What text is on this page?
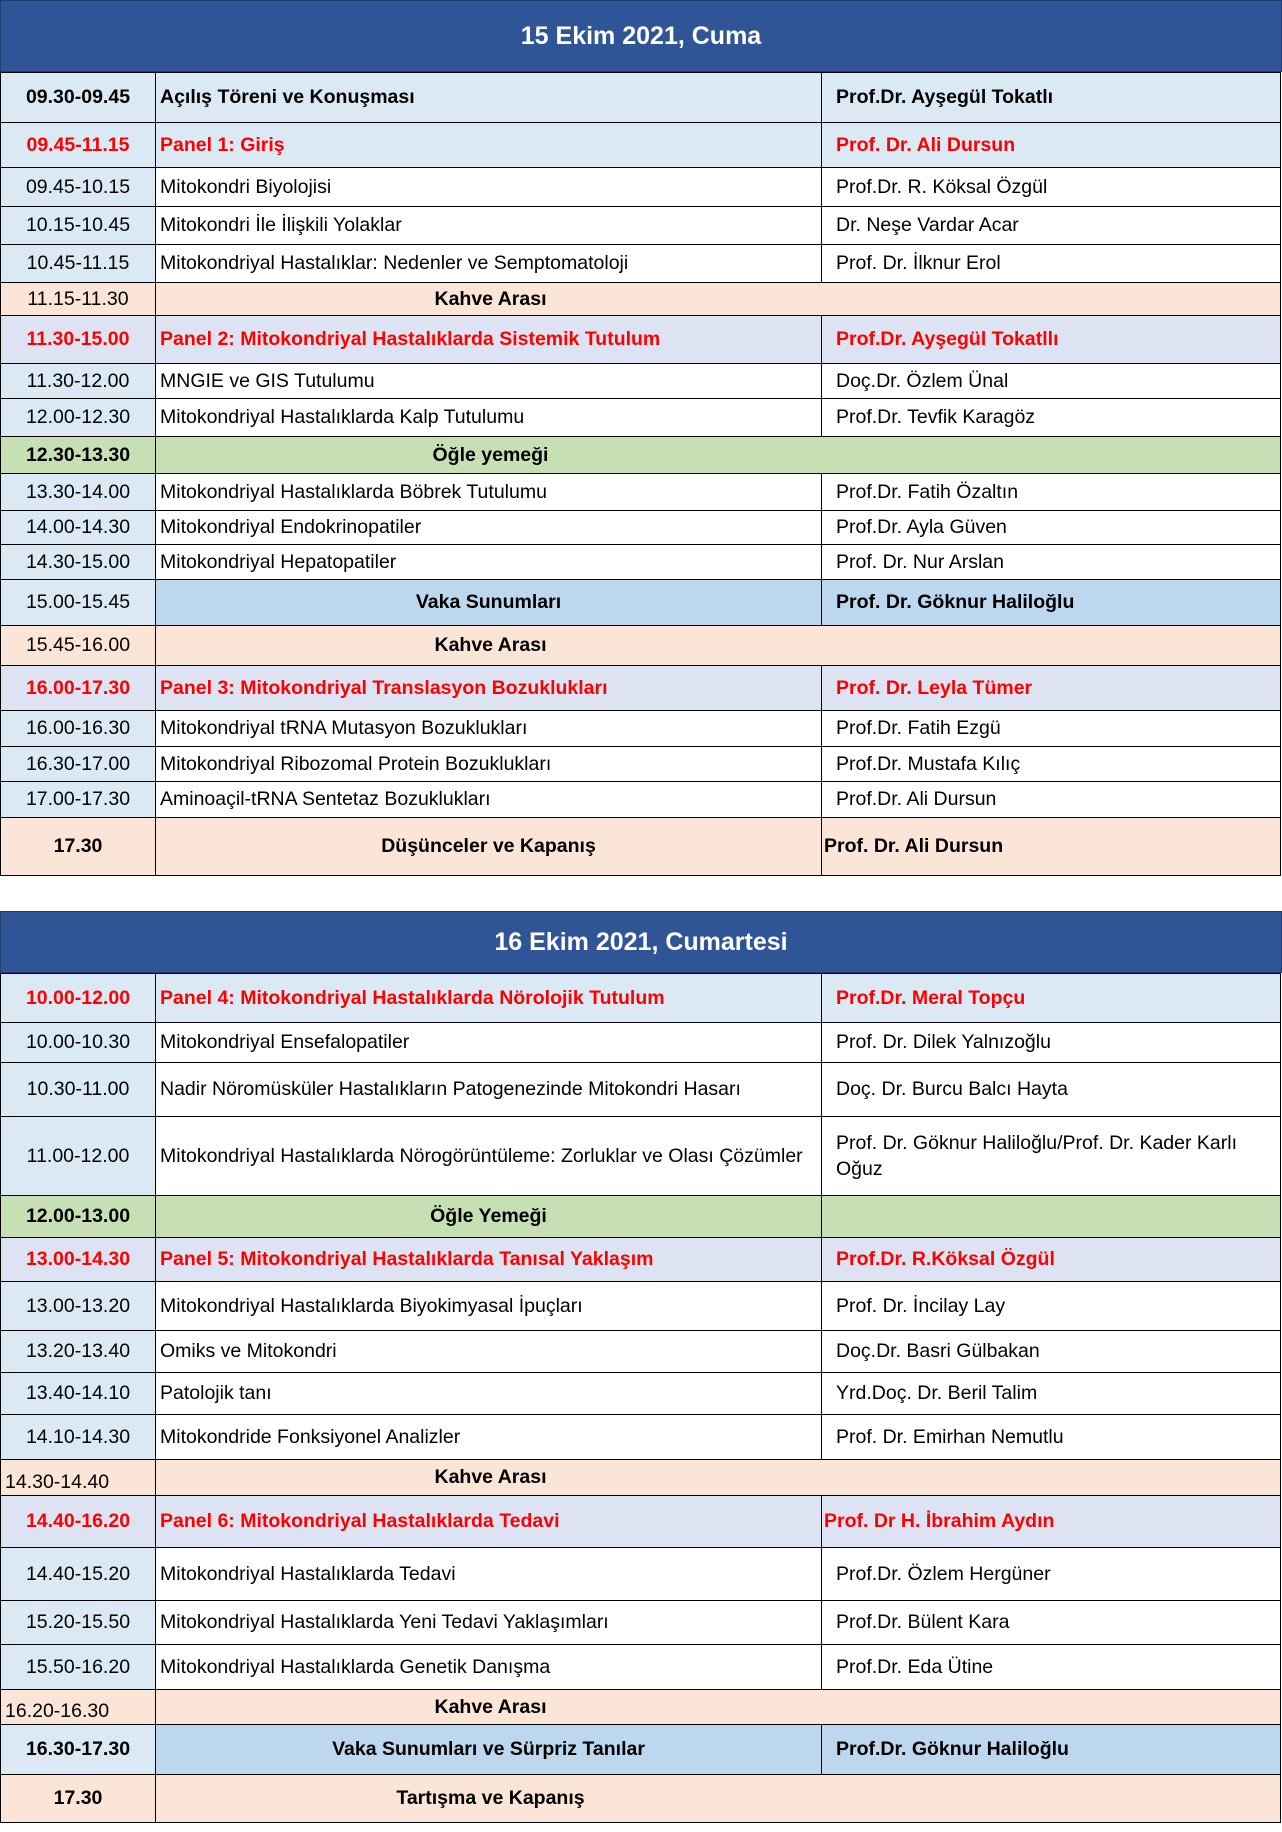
15 Ekim 2021, Cuma
09.30-09.45	Açılış Töreni ve Konuşması	Prof.Dr. Ayşegül Tokatlı
09.45-11.15	Panel 1: Giriş	Prof. Dr. Ali Dursun
09.45-10.15	Mitokondri Biyolojisi	Prof.Dr. R. Köksal Özgül
10.15-10.45	Mitokondri İle İlişkili Yolaklar	Dr. Neşe Vardar Acar
10.45-11.15	Mitokondriyal Hastalıklar: Nedenler ve Semptomatoloji	Prof. Dr. İlknur Erol
11.15-11.30	Kahve Arası	
11.30-15.00	Panel 2: Mitokondriyal Hastalıklarda Sistemik Tutulum	Prof.Dr. Ayşegül Tokatllı
11.30-12.00	MNGIE ve GIS Tutulumu	Doç.Dr. Özlem Ünal
12.00-12.30	Mitokondriyal Hastalıklarda Kalp Tutulumu	Prof.Dr. Tevfik Karagöz
12.30-13.30	Öğle yemeği	
13.30-14.00	Mitokondriyal Hastalıklarda Böbrek Tutulumu	Prof.Dr. Fatih Özaltın
14.00-14.30	Mitokondriyal Endokrinopatiler	Prof.Dr. Ayla Güven
14.30-15.00	Mitokondriyal Hepatopatiler	Prof. Dr. Nur Arslan
15.00-15.45	Vaka Sunumları	Prof. Dr. Göknur Haliloğlu
15.45-16.00	Kahve Arası	
16.00-17.30	Panel 3: Mitokondriyal Translasyon Bozuklukları	Prof. Dr. Leyla Tümer
16.00-16.30	Mitokondriyal tRNA Mutasyon Bozuklukları	Prof.Dr. Fatih Ezgü
16.30-17.00	Mitokondriyal Ribozomal Protein Bozuklukları	Prof.Dr. Mustafa Kılıç
17.00-17.30	Aminoaçil-tRNA Sentetaz Bozuklukları	Prof.Dr. Ali Dursun
17.30	Düşünceler ve Kapanış	Prof. Dr. Ali Dursun
16 Ekim 2021, Cumartesi
10.00-12.00	Panel 4: Mitokondriyal Hastalıklarda Nörolojik Tutulum	Prof.Dr. Meral Topçu
10.00-10.30	Mitokondriyal Ensefalopatiler	Prof. Dr. Dilek Yalnızoğlu
10.30-11.00	Nadir Nöromüsküler Hastalıkların Patogenezinde Mitokondri Hasarı	Doç. Dr. Burcu Balcı Hayta
11.00-12.00	Mitokondriyal Hastalıklarda Nörogörüntüleme: Zorluklar ve Olası Çözümler	Prof. Dr. Göknur Haliloğlu/Prof. Dr. Kader Karlı Oğuz
12.00-13.00	Öğle Yemeği	
13.00-14.30	Panel 5: Mitokondriyal Hastalıklarda Tanısal Yaklaşım	Prof.Dr. R.Köksal Özgül
13.00-13.20	Mitokondriyal Hastalıklarda Biyokimyasal İpuçları	Prof. Dr. İncilay Lay
13.20-13.40	Omiks ve Mitokondri	Doç.Dr. Basri Gülbakan
13.40-14.10	Patolojik tanı	Yrd.Doç. Dr. Beril Talim
14.10-14.30	Mitokondride Fonksiyonel Analizler	Prof. Dr. Emirhan Nemutlu
14.30-14.40	Kahve Arası	
14.40-16.20	Panel 6: Mitokondriyal Hastalıklarda Tedavi	Prof. Dr H. İbrahim Aydın
14.40-15.20	Mitokondriyal Hastalıklarda Tedavi	Prof.Dr. Özlem Hergüner
15.20-15.50	Mitokondriyal Hastalıklarda Yeni Tedavi Yaklaşımları	Prof.Dr. Bülent Kara
15.50-16.20	Mitokondriyal Hastalıklarda Genetik Danışma	Prof.Dr. Eda Ütine
16.20-16.30	Kahve Arası	
16.30-17.30	Vaka Sunumları ve Sürpriz Tanılar	Prof.Dr. Göknur Haliloğlu
17.30	Tartışma ve Kapanış	
